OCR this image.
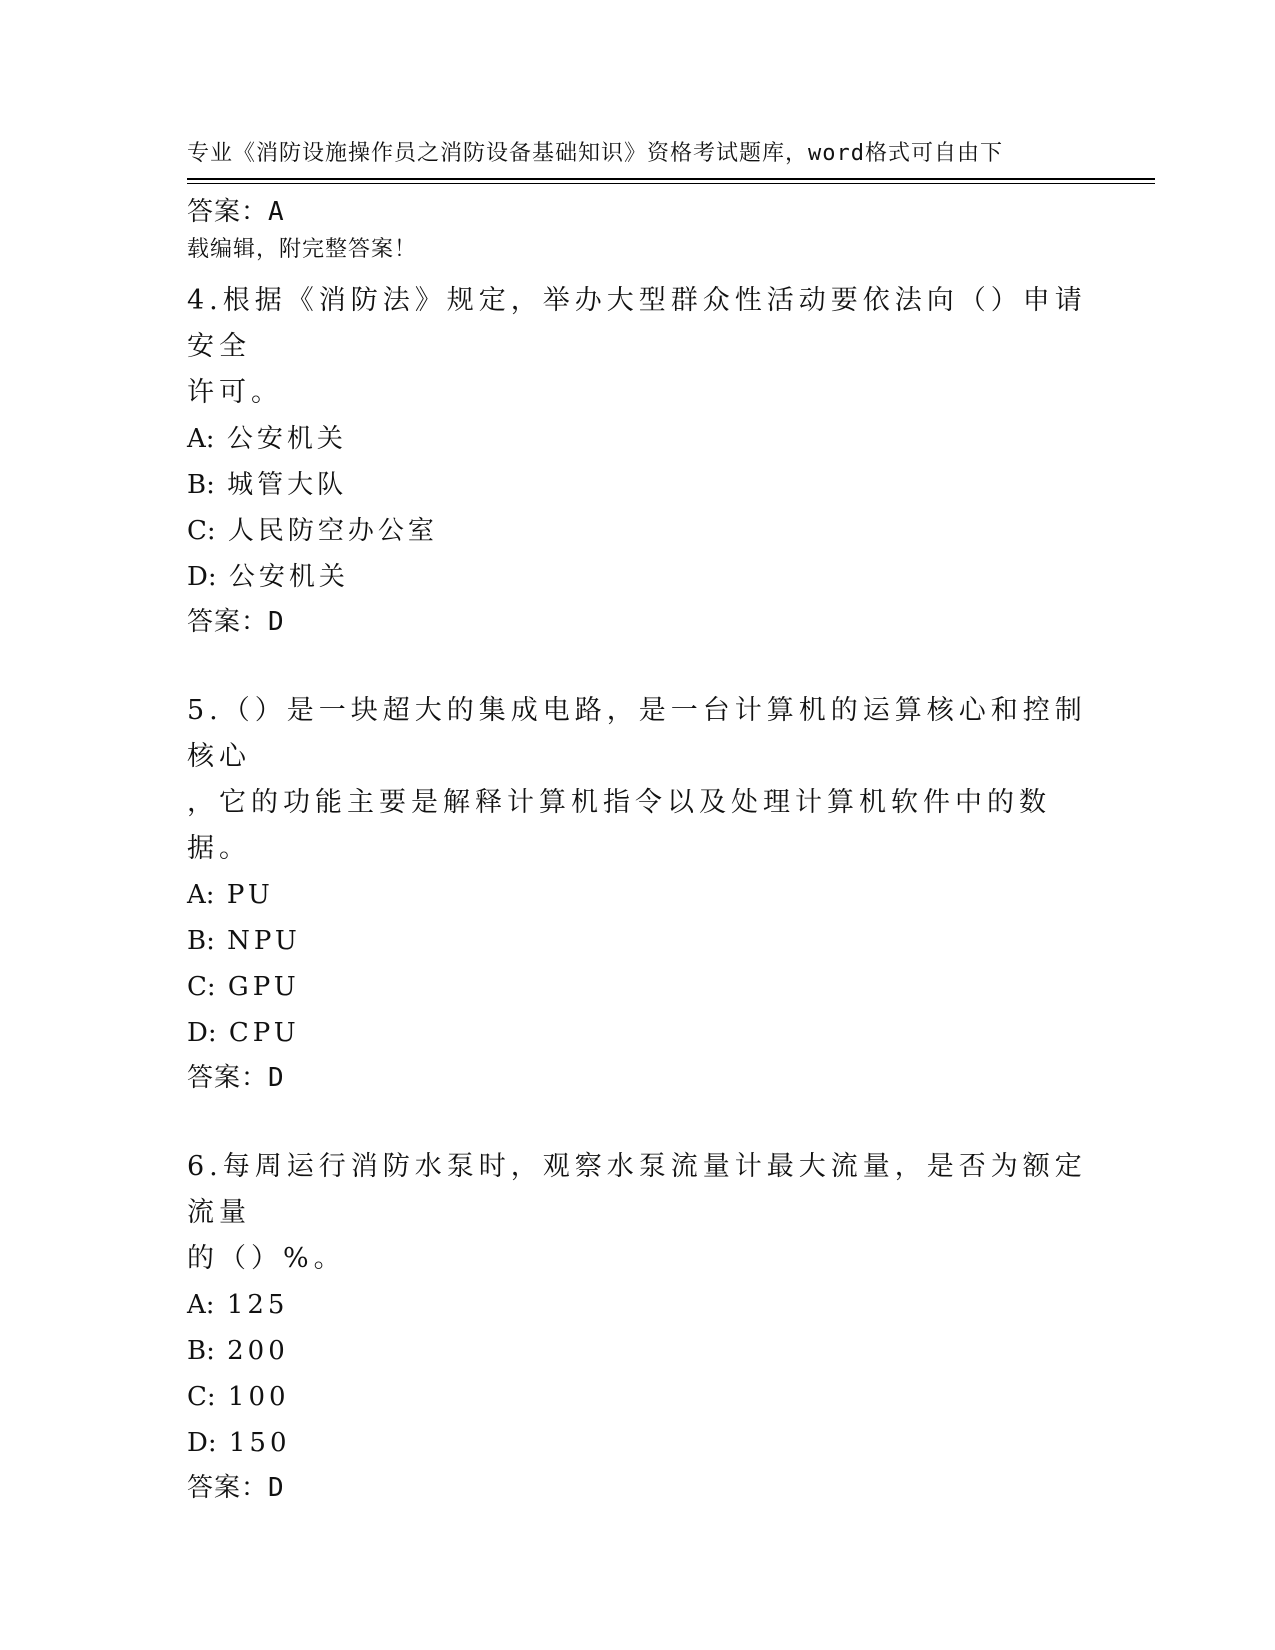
专业《消防设施操作员之消防设备基础知识》资格考试题库，word格式可自由下

载编辑，附完整答案！

答案：A
4.根据《消防法》规定，举办大型群众性活动要依法向（）申请安全
许可。
A: 公安机关
B: 城管大队
C: 人民防空办公室
D: 公安机关
答案：D
5.（）是一块超大的集成电路，是一台计算机的运算核心和控制核心
，它的功能主要是解释计算机指令以及处理计算机软件中的数据。
A: PU
B: NPU
C: GPU
D: CPU
答案：D
6.每周运行消防水泵时，观察水泵流量计最大流量，是否为额定流量
的（）%。
A: 125
B: 200
C: 100
D: 150
答案：D
